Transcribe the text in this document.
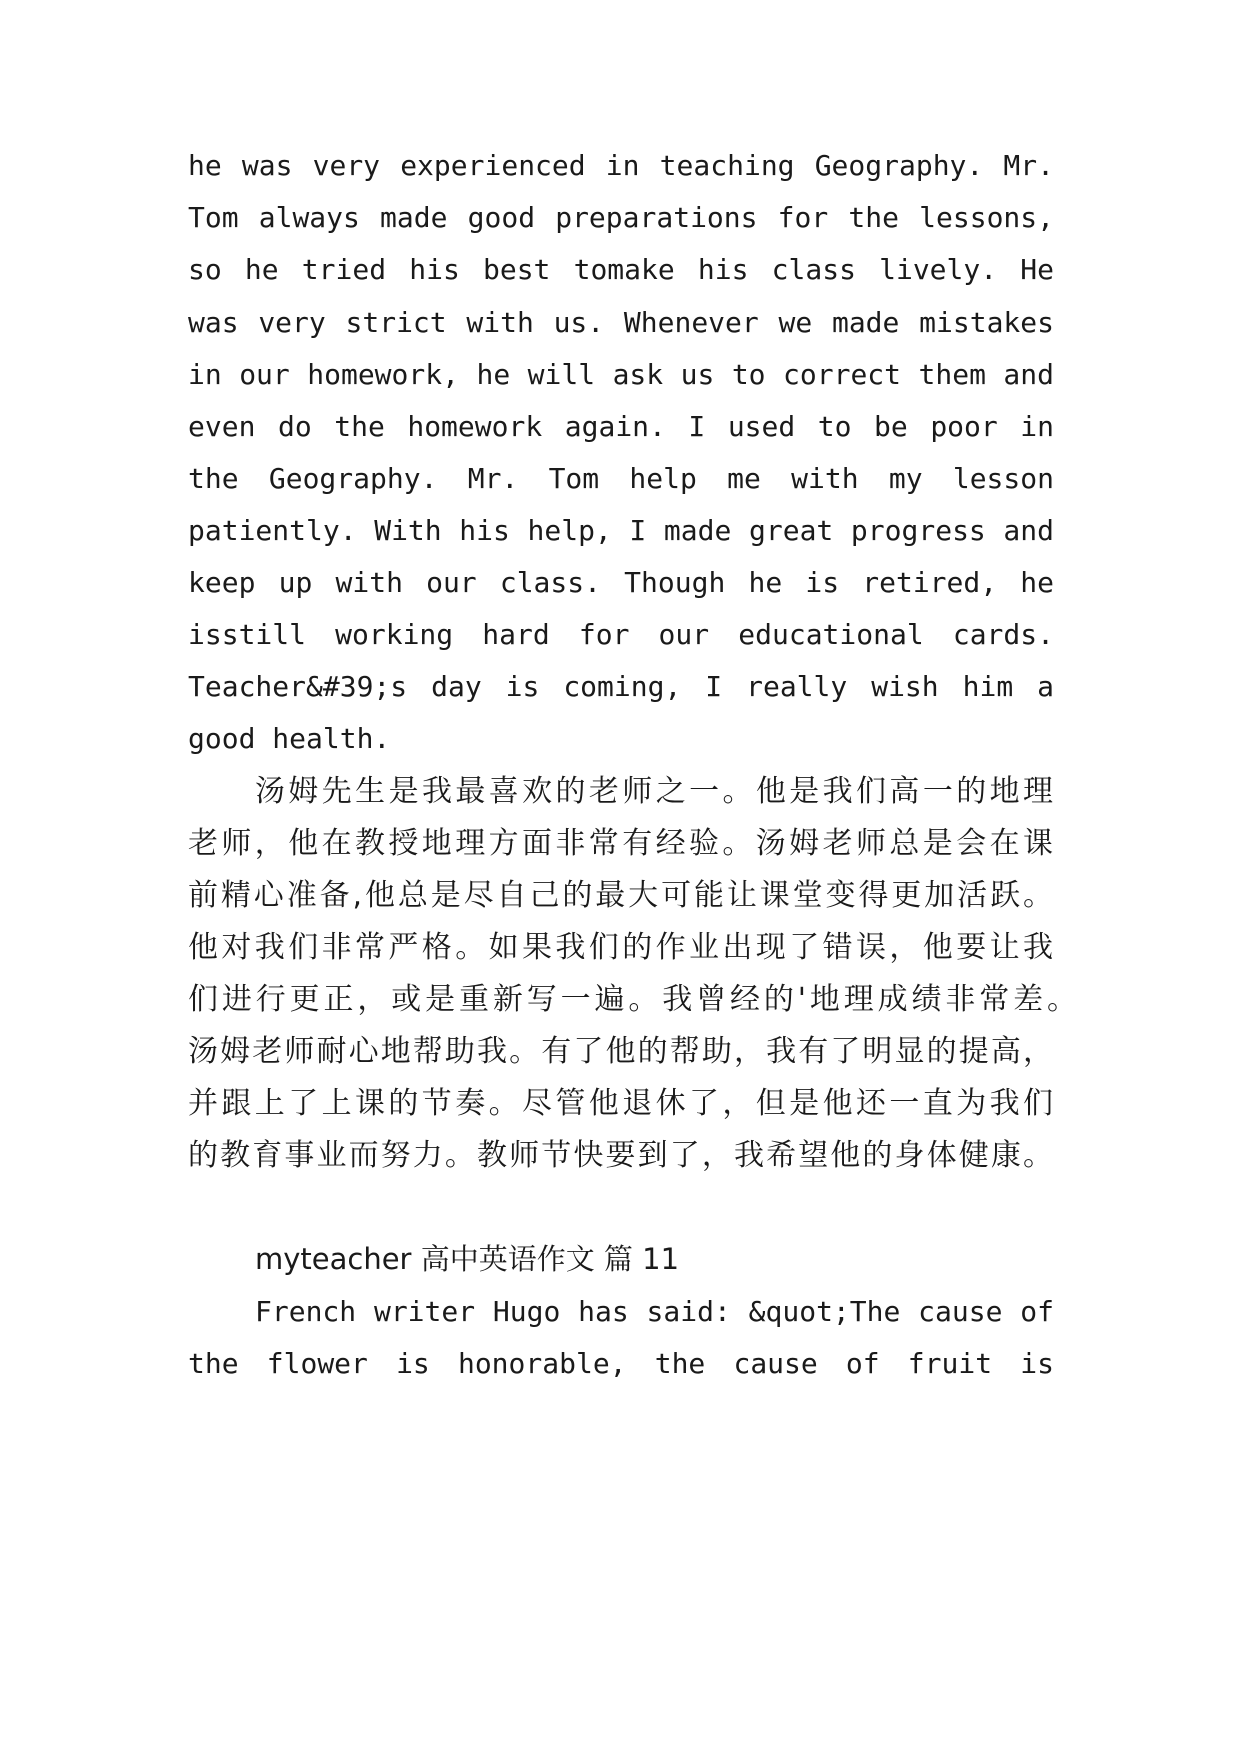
he was very experienced in teaching Geography. Mr.
Tom always made good preparations for the lessons,
so he tried his best tomake his class lively. He
was very strict with us. Whenever we made mistakes
in our homework, he will ask us to correct them and
even do the homework again. I used to be poor in
the Geography. Mr. Tom help me with my lesson
patiently. With his help, I made great progress and
keep up with our class. Though he is retired, he
isstill working hard for our educational cards.
Teacher&#39;s day is coming, I really wish him a
good health.
汤姆先生是我最喜欢的老师之一。他是我们高一的地理
老师，他在教授地理方面非常有经验。汤姆老师总是会在课
前精心准备,他总是尽自己的最大可能让课堂变得更加活跃。
他对我们非常严格。如果我们的作业出现了错误，他要让我
们进行更正，或是重新写一遍。我曾经的'地理成绩非常差。
汤姆老师耐心地帮助我。有了他的帮助，我有了明显的提高，
并跟上了上课的节奏。尽管他退休了，但是他还一直为我们
的教育事业而努力。教师节快要到了，我希望他的身体健康。
myteacher 高中英语作文 篇 11
French writer Hugo has said: &quot;The cause of
the flower is honorable, the cause of fruit is
